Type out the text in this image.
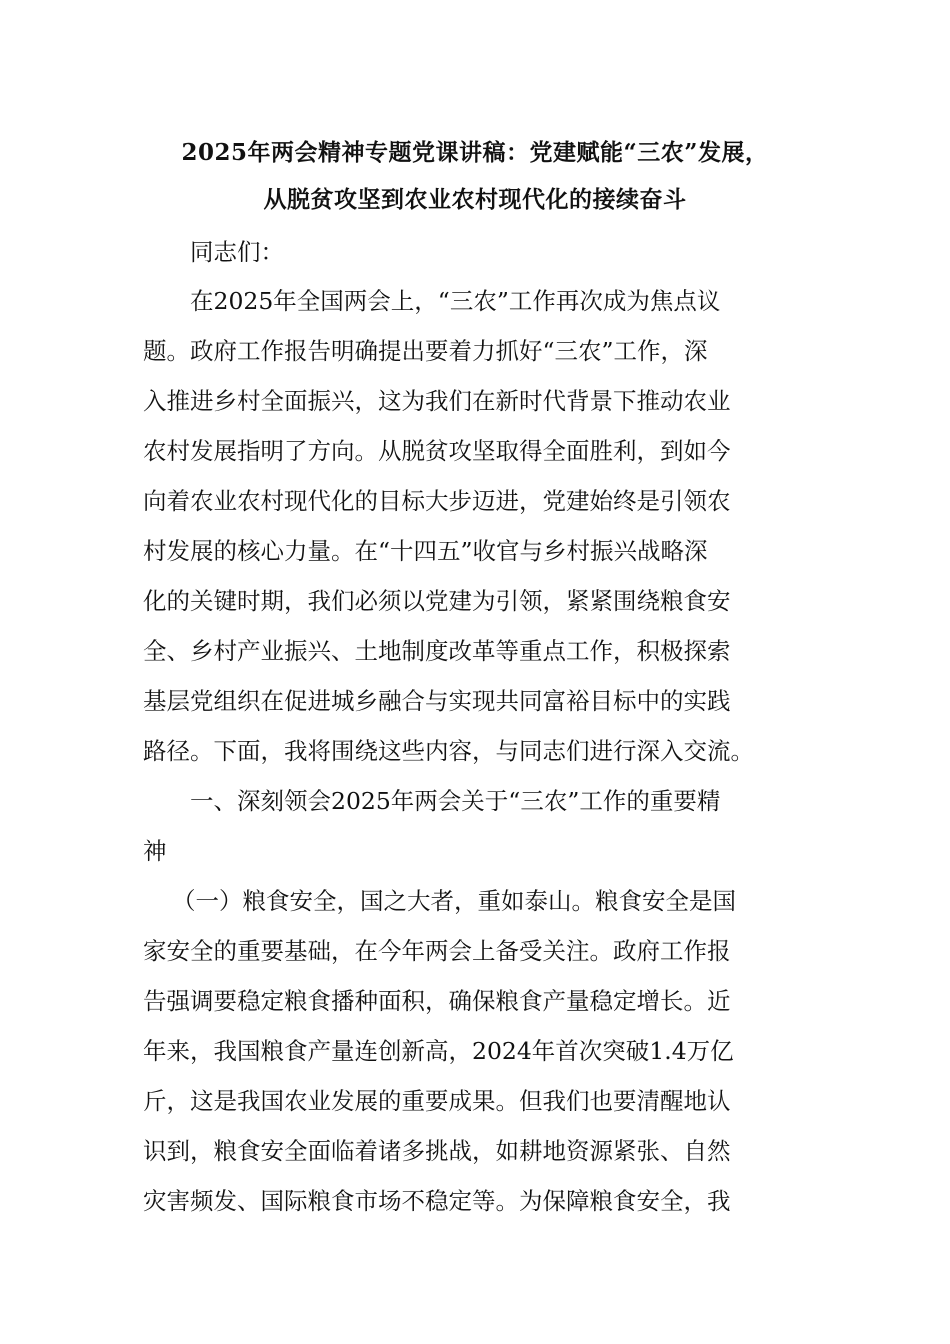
2025年两会精神专题党课讲稿：党建赋能“三农”发展，
从脱贫攻坚到农业农村现代化的接续奋斗
同志们：
在2025年全国两会上，“三农”工作再次成为焦点议
题。政府工作报告明确提出要着力抓好“三农”工作，深
入推进乡村全面振兴，这为我们在新时代背景下推动农业
农村发展指明了方向。从脱贫攻坚取得全面胜利，到如今
向着农业农村现代化的目标大步迈进，党建始终是引领农
村发展的核心力量。在“十四五”收官与乡村振兴战略深
化的关键时期，我们必须以党建为引领，紧紧围绕粮食安
全、乡村产业振兴、土地制度改革等重点工作，积极探索
基层党组织在促进城乡融合与实现共同富裕目标中的实践
路径。下面，我将围绕这些内容，与同志们进行深入交流。
一、深刻领会2025年两会关于“三农”工作的重要精
神
（一）粮食安全，国之大者，重如泰山。粮食安全是国
家安全的重要基础，在今年两会上备受关注。政府工作报
告强调要稳定粮食播种面积，确保粮食产量稳定增长。近
年来，我国粮食产量连创新高，2024年首次突破1.4万亿
斤，这是我国农业发展的重要成果。但我们也要清醒地认
识到，粮食安全面临着诸多挑战，如耕地资源紧张、自然
灾害频发、国际粮食市场不稳定等。为保障粮食安全，我
